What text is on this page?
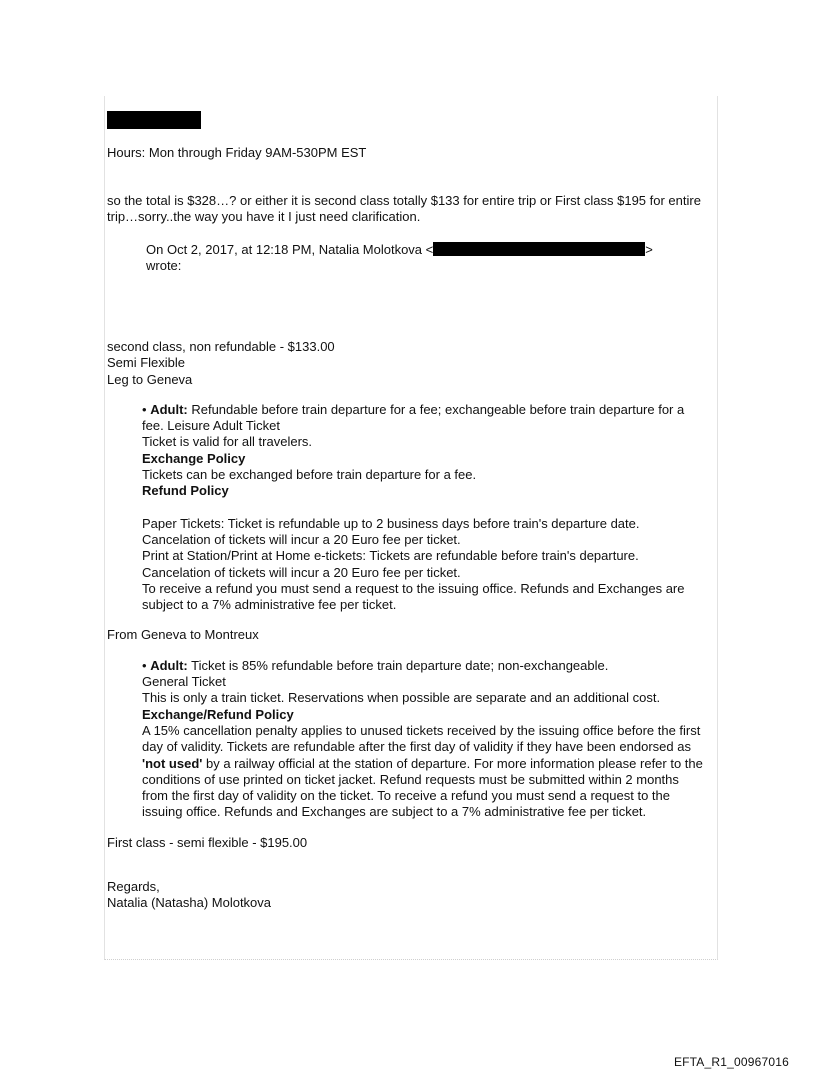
Hours: Mon through Friday 9AM-530PM EST
so the total is $328…? or either it is second class totally $133 for entire trip or First class $195 for entire trip…sorry..the way you have it I just need clarification.
On Oct 2, 2017, at 12:18 PM, Natalia Molotkova <	>
wrote:
second class, non refundable - $133.00
Semi Flexible
Leg to Geneva
• Adult: Refundable before train departure for a fee; exchangeable before train departure for a fee. Leisure Adult Ticket
Ticket is valid for all travelers.
Exchange Policy
Tickets can be exchanged before train departure for a fee.
Refund Policy
Paper Tickets: Ticket is refundable up to 2 business days before train's departure date.
Cancelation of tickets will incur a 20 Euro fee per ticket.
Print at Station/Print at Home e-tickets: Tickets are refundable before train's departure.
Cancelation of tickets will incur a 20 Euro fee per ticket.
To receive a refund you must send a request to the issuing office. Refunds and Exchanges are subject to a 7% administrative fee per ticket.
From Geneva to Montreux
• Adult: Ticket is 85% refundable before train departure date; non-exchangeable.
General Ticket
This is only a train ticket. Reservations when possible are separate and an additional cost.
Exchange/Refund Policy
A 15% cancellation penalty applies to unused tickets received by the issuing office before the first day of validity. Tickets are refundable after the first day of validity if they have been endorsed as 'not used' by a railway official at the station of departure. For more information please refer to the conditions of use printed on ticket jacket. Refund requests must be submitted within 2 months from the first day of validity on the ticket. To receive a refund you must send a request to the issuing office. Refunds and Exchanges are subject to a 7% administrative fee per ticket.
First class - semi flexible - $195.00
Regards,
Natalia (Natasha) Molotkova
EFTA_R1_00967016
